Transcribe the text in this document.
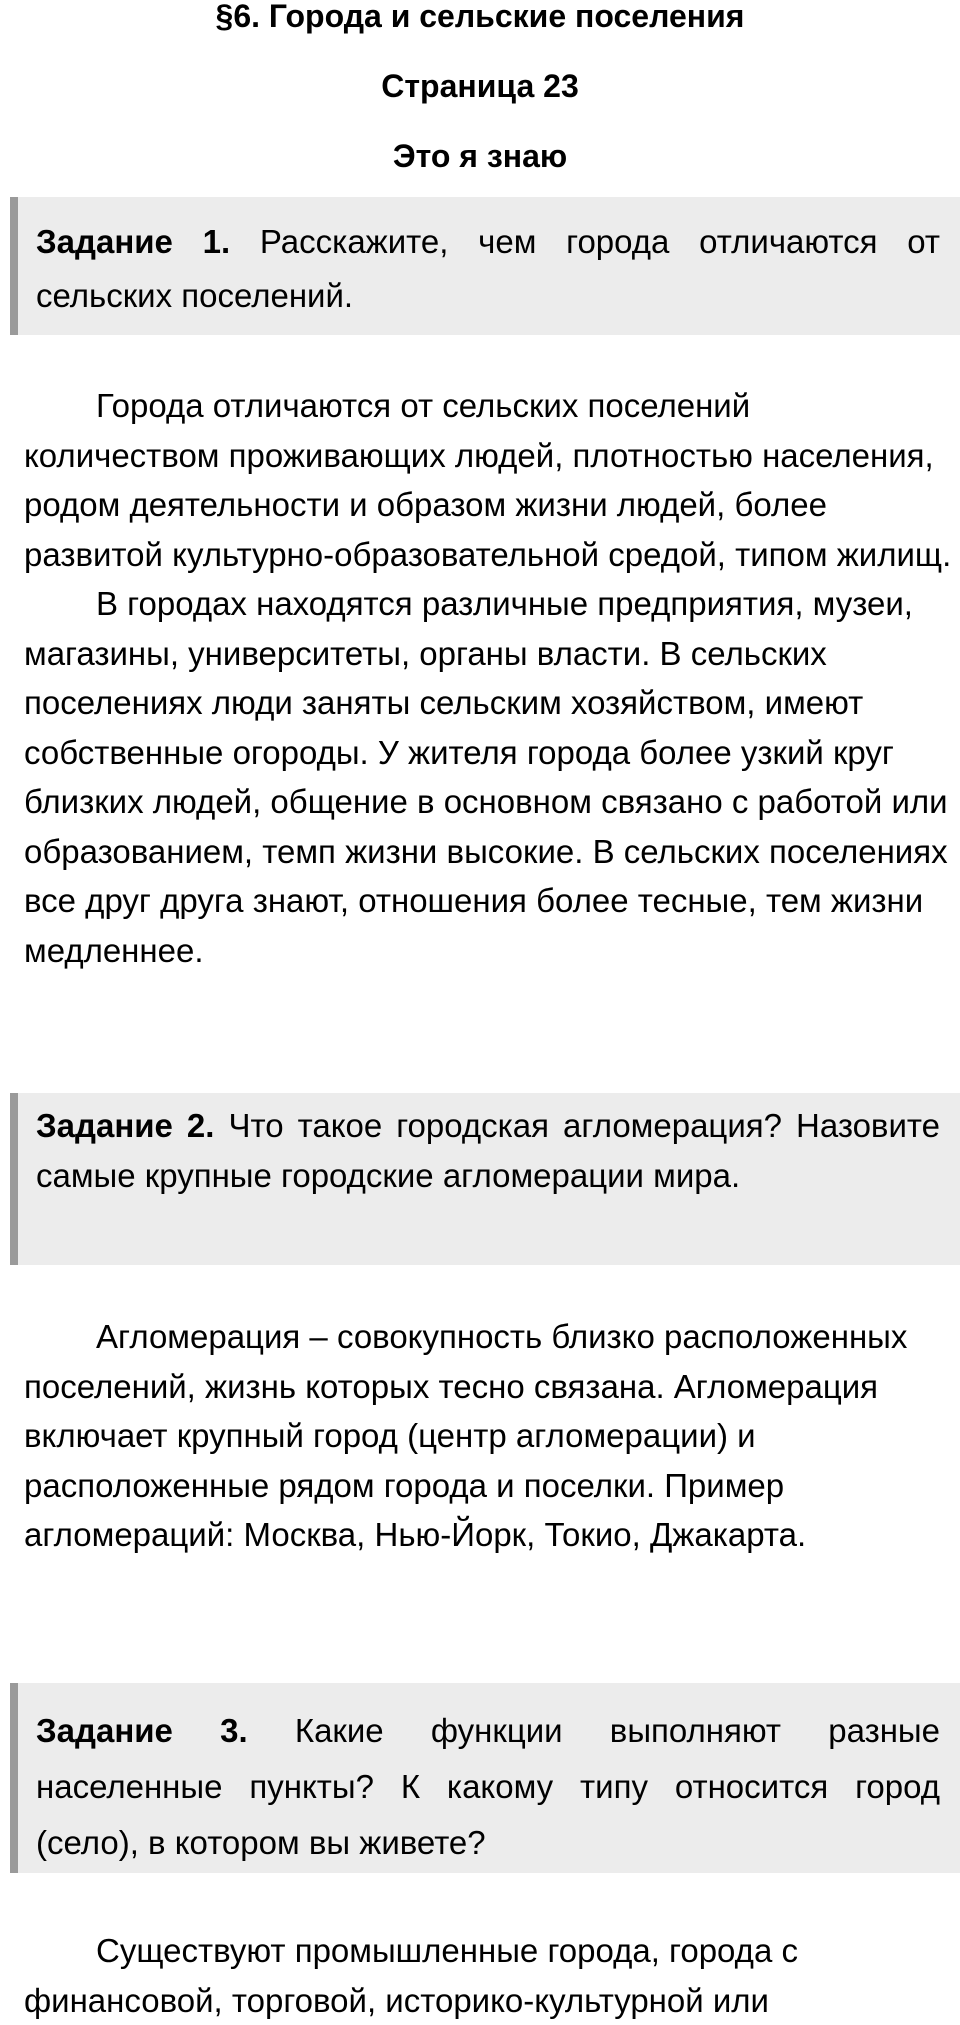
§6. Города и сельские поселения
Страница 23
Это я знаю
Задание 1. Расскажите, чем города отличаются от сельских поселений.

Города отличаются от сельских поселений количеством проживающих людей, плотностью населения, родом деятельности и образом жизни людей, более развитой культурно-образовательной средой, типом жилищ.

В городах находятся различные предприятия, музеи, магазины, университеты, органы власти. В сельских поселениях люди заняты сельским хозяйством, имеют собственные огороды. У жителя города более узкий круг близких людей, общение в основном связано с работой или образованием, темп жизни высокие. В сельских поселениях все друг друга знают, отношения более тесные, тем жизни медленнее.

Задание 2. Что такое городская агломерация? Назовите самые крупные городские агломерации мира.

Агломерация – совокупность близко расположенных поселений, жизнь которых тесно связана. Агломерация включает крупный город (центр агломерации) и расположенные рядом города и поселки. Пример агломераций: Москва, Нью-Йорк, Токио, Джакарта.

Задание 3. Какие функции выполняют разные населенные пункты? К какому типу относится город (село), в котором вы живете?

Существуют промышленные города, города с финансовой, торговой, историко-культурной или
